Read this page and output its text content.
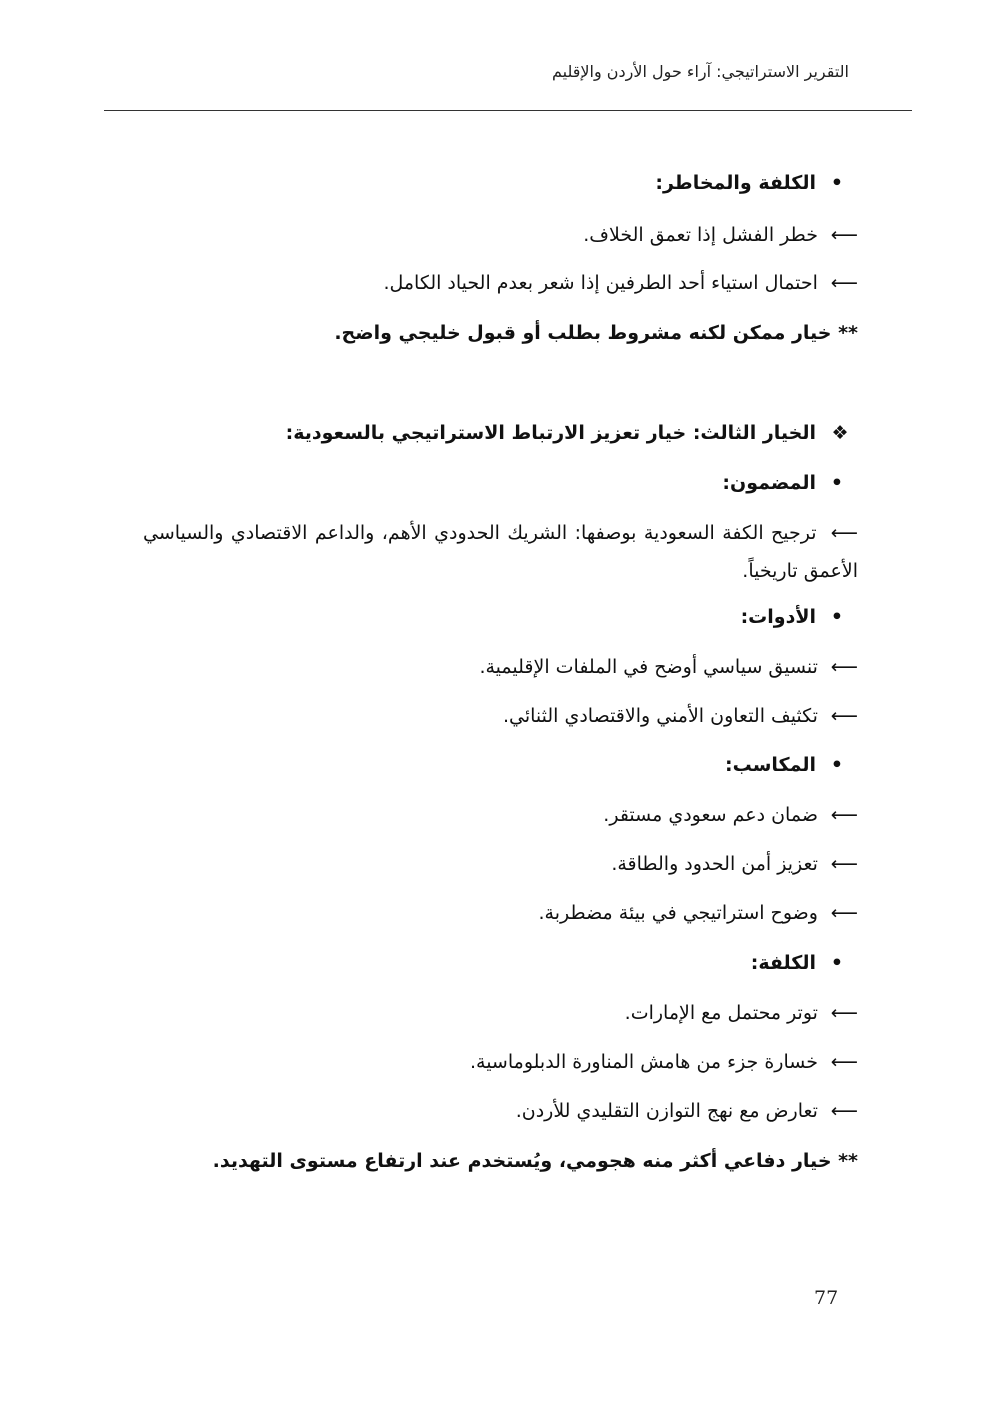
التقرير الاستراتيجي: آراء حول الأردن والإقليم
•الكلفة والمخاطر:
⟵ خطر الفشل إذا تعمق الخلاف.
⟵ احتمال استياء أحد الطرفين إذا شعر بعدم الحياد الكامل.
** خيار ممكن لكنه مشروط بطلب أو قبول خليجي واضح.
❖الخيار الثالث: خيار تعزيز الارتباط الاستراتيجي بالسعودية:
•المضمون:
⟵ ترجيح الكفة السعودية بوصفها: الشريك الحدودي الأهم، والداعم الاقتصادي والسياسي الأعمق تاريخياً.
•الأدوات:
⟵ تنسيق سياسي أوضح في الملفات الإقليمية.
⟵ تكثيف التعاون الأمني والاقتصادي الثنائي.
•المكاسب:
⟵ ضمان دعم سعودي مستقر.
⟵ تعزيز أمن الحدود والطاقة.
⟵ وضوح استراتيجي في بيئة مضطربة.
•الكلفة:
⟵ توتر محتمل مع الإمارات.
⟵ خسارة جزء من هامش المناورة الدبلوماسية.
⟵ تعارض مع نهج التوازن التقليدي للأردن.
** خيار دفاعي أكثر منه هجومي، ويُستخدم عند ارتفاع مستوى التهديد.
77
